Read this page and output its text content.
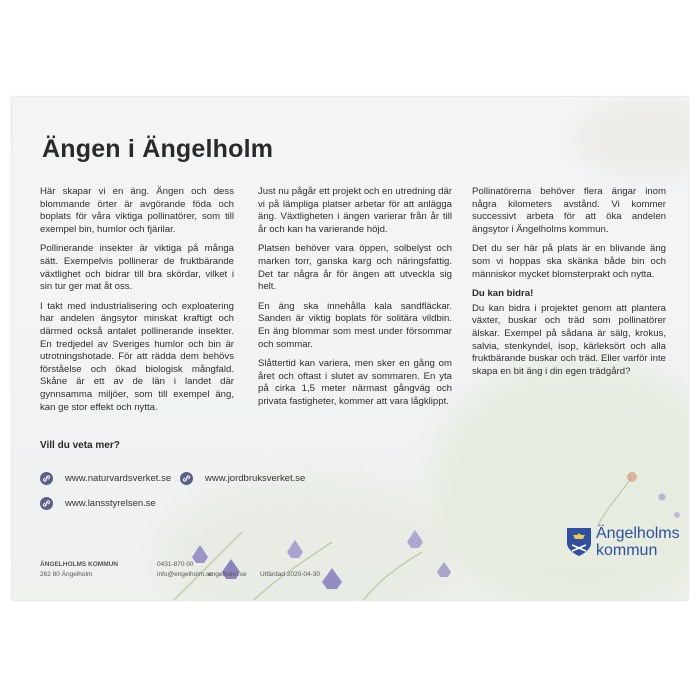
Ängen i Ängelholm

Här skapar vi en äng. Ängen och dess blommande örter är avgörande föda och boplats för våra viktiga pollinatörer, som till exempel bin, humlor och fjärilar.

Pollinerande insekter är viktiga på många sätt. Exempelvis pollinerar de fruktbärande växtlighet och bidrar till bra skördar, vilket i sin tur ger mat åt oss.

I takt med industrialisering och exploatering har andelen ängsytor minskat kraftigt och därmed också antalet pollinerande insekter. En tredjedel av Sveriges humlor och bin är utrotningshotade. För att rädda dem behövs förståelse och ökad biologisk mångfald. Skåne är ett av de län i landet där gynnsamma miljöer, som till exempel äng, kan ge stor effekt och nytta.

Just nu pågår ett projekt och en utredning där vi på lämpliga platser arbetar för att anlägga äng. Växtligheten i ängen varierar från år till år och kan ha varierande höjd.

Platsen behöver vara öppen, solbelyst och marken torr, ganska karg och näringsfattig. Det tar några år för ängen att utveckla sig helt.

En äng ska innehålla kala sandfläckar. Sanden är viktig boplats för solitära vildbin. En äng blommar som mest under försommar och sommar.

Slåttertid kan variera, men sker en gång om året och oftast i slutet av sommaren. En yta på cirka 1,5 meter närmast gångväg och privata fastigheter, kommer att vara lågklippt.

Pollinatörerna behöver flera ängar inom några kilometers avstånd. Vi kommer successivt arbeta för att öka andelen ängsytor i Ängelholms kommun.

Det du ser här på plats är en blivande äng som vi hoppas ska skänka både bin och människor mycket blomsterprakt och nytta.

Du kan bidra!

Du kan bidra i projektet genom att plantera växter, buskar och träd som pollinatörer älskar. Exempel på sådana är sälg, krokus, salvia, stenkyndel, isop, kärleksört och alla fruktbärande buskar och träd. Eller varför inte skapa en bit äng i din egen trädgård?

Vill du veta mer?
www.naturvardsverket.se	www.jordbruksverket.se
www.lansstyrelsen.se
ÄNGELHOLMS KOMMUN
262 80 Ängelholm
0431-870 00
info@engelholm.se
engelholm.se Utfärdad 2020-04-30
Ängelholms
kommun
